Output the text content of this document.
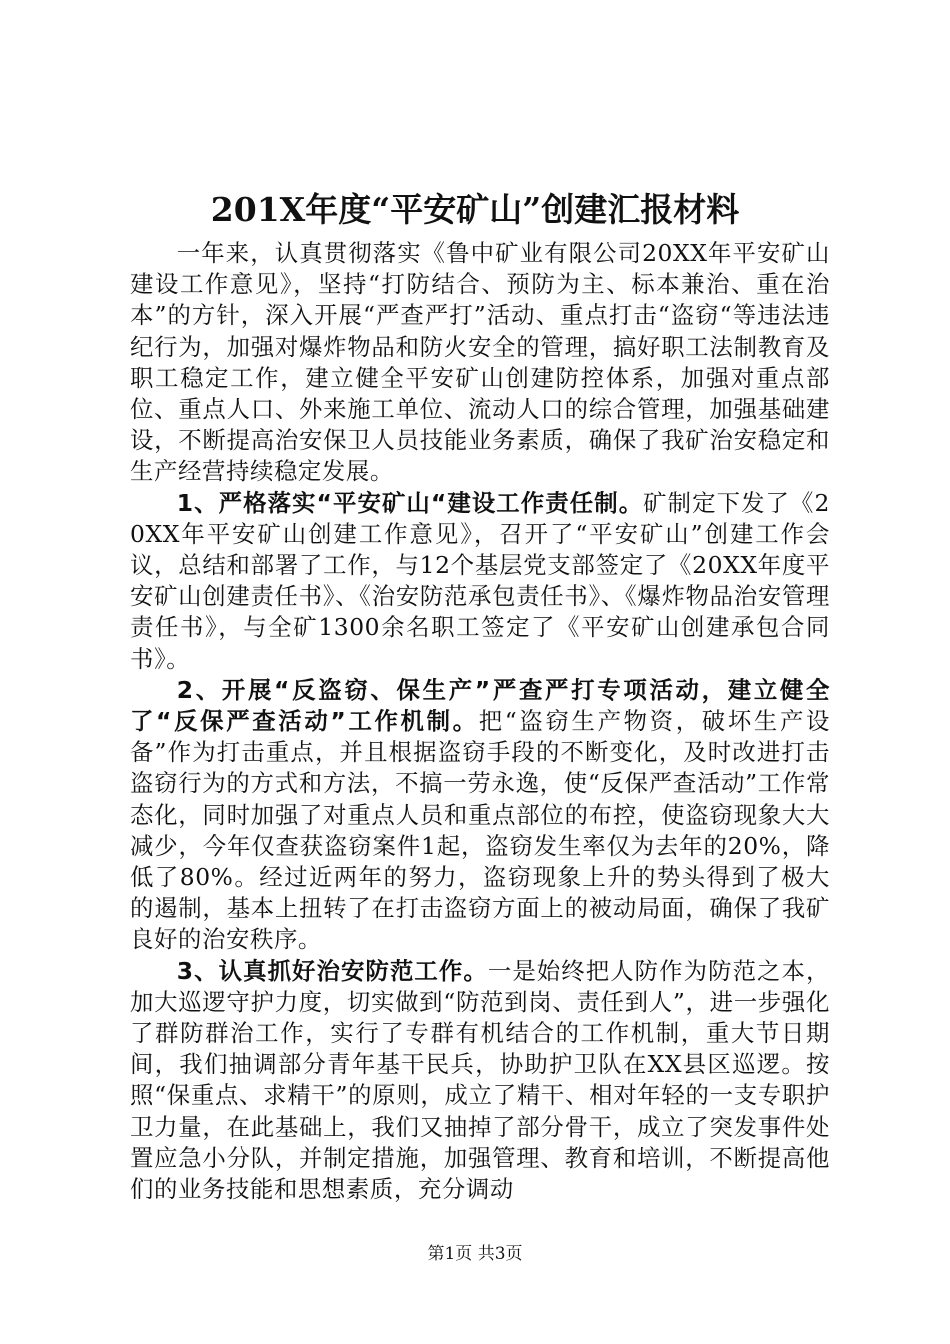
201X年度“平安矿山”创建汇报材料

一年来，认真贯彻落实《鲁中矿业有限公司20XX年平安矿山建设工作意见》，坚持“打防结合、预防为主、标本兼治、重在治本”的方针，深入开展“严查严打”活动、重点打击“盗窃“等违法违纪行为，加强对爆炸物品和防火安全的管理，搞好职工法制教育及职工稳定工作，建立健全平安矿山创建防控体系，加强对重点部位、重点人口、外来施工单位、流动人口的综合管理，加强基础建设，不断提高治安保卫人员技能业务素质，确保了我矿治安稳定和生产经营持续稳定发展。

1、严格落实“平安矿山“建设工作责任制。矿制定下发了《20XX年平安矿山创建工作意见》，召开了“平安矿山”创建工作会议，总结和部署了工作，与12个基层党支部签定了《20XX年度平安矿山创建责任书》、《治安防范承包责任书》、《爆炸物品治安管理责任书》，与全矿1300余名职工签定了《平安矿山创建承包合同书》。

2、开展“反盗窃、保生产”严查严打专项活动，建立健全了“反保严查活动”工作机制。把“盗窃生产物资，破坏生产设备”作为打击重点，并且根据盗窃手段的不断变化，及时改进打击盗窃行为的方式和方法，不搞一劳永逸，使“反保严查活动”工作常态化，同时加强了对重点人员和重点部位的布控，使盗窃现象大大减少，今年仅查获盗窃案件1起，盗窃发生率仅为去年的20%，降低了80%。经过近两年的努力，盗窃现象上升的势头得到了极大的遏制，基本上扭转了在打击盗窃方面上的被动局面，确保了我矿良好的治安秩序。

3、认真抓好治安防范工作。一是始终把人防作为防范之本，加大巡逻守护力度，切实做到“防范到岗、责任到人”，进一步强化了群防群治工作，实行了专群有机结合的工作机制，重大节日期间，我们抽调部分青年基干民兵，协助护卫队在XX县区巡逻。按照“保重点、求精干”的原则，成立了精干、相对年轻的一支专职护卫力量，在此基础上，我们又抽掉了部分骨干，成立了突发事件处置应急小分队，并制定措施，加强管理、教育和培训，不断提高他们的业务技能和思想素质，充分调动

第1页 共3页
